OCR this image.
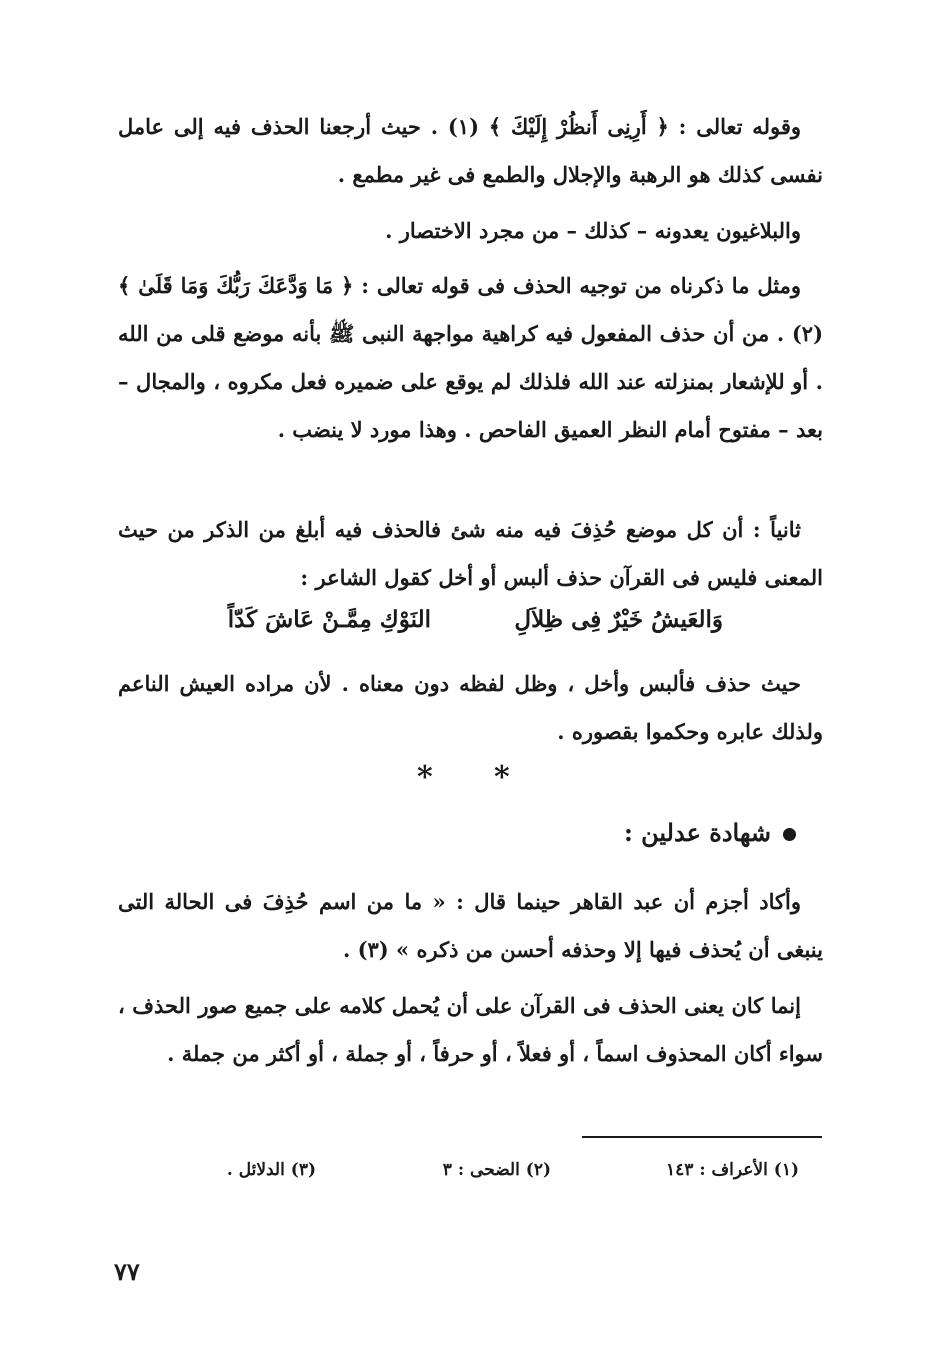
وقوله تعالى : ﴿ أَرِنِى أَنظُرْ إِلَيْكَ ﴾ (١) . حيث أرجعنا الحذف فيه إلى عامل نفسى كذلك هو الرهبة والإجلال والطمع فى غير مطمع .

والبلاغيون يعدونه – كذلك – من مجرد الاختصار .

ومثل ما ذكرناه من توجيه الحذف فى قوله تعالى : ﴿ مَا وَدَّعَكَ رَبُّكَ وَمَا قَلَىٰ ﴾ (٢) . من أن حذف المفعول فيه كراهية مواجهة النبى ﷺ بأنه موضع قلى من الله . أو للإشعار بمنزلته عند الله فلذلك لم يوقع على ضميره فعل مكروه ، والمجال – بعد – مفتوح أمام النظر العميق الفاحص . وهذا مورد لا ينضب .

ثانياً : أن كل موضع حُذِفَ فيه منه شئ فالحذف فيه أبلغ من الذكر من حيث المعنى فليس فى القرآن حذف ألبس أو أخل كقول الشاعر :

وَالعَيشُ خَيْرٌ فِى ظِلاَلِ
النَوْكِ مِمَّـنْ عَاشَ كَدّاً

حيث حذف فألبس وأخل ، وظل لفظه دون معناه . لأن مراده العيش الناعم ولذلك عابره وحكموا بقصوره .

* *
شهادة عدلين :

وأكاد أجزم أن عبد القاهر حينما قال : « ما من اسم حُذِفَ فى الحالة التى ينبغى أن يُحذف فيها إلا وحذفه أحسن من ذكره » (٣) .

إنما كان يعنى الحذف فى القرآن على أن يُحمل كلامه على جميع صور الحذف ، سواء أكان المحذوف اسماً ، أو فعلاً ، أو حرفاً ، أو جملة ، أو أكثر من جملة .

(١) الأعراف : ١٤٣
(٢) الضحى : ٣
(٣) الدلائل .
٧٧
